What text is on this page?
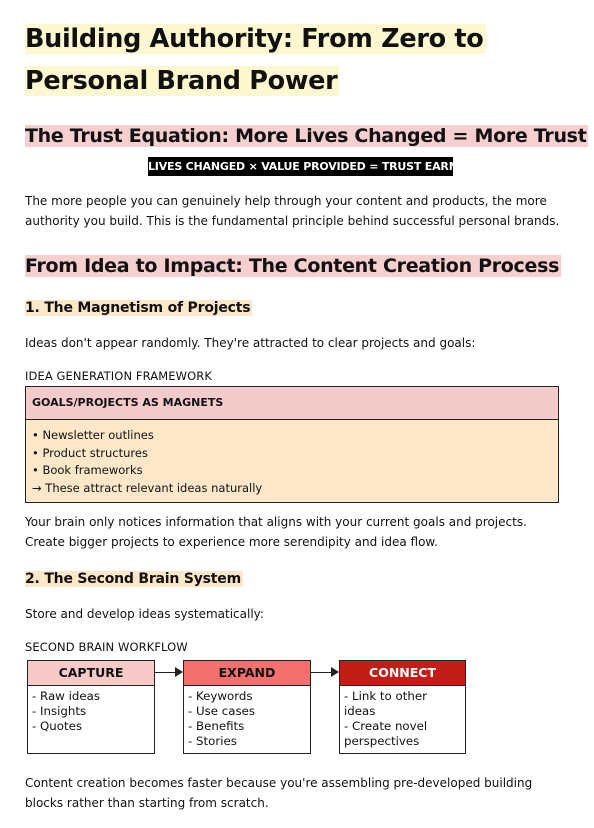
Building Authority: From Zero to Personal Brand Power
The Trust Equation: More Lives Changed = More Trust
LIVES CHANGED × VALUE PROVIDED = TRUST EARNED
The more people you can genuinely help through your content and products, the more authority you build. This is the fundamental principle behind successful personal brands.
From Idea to Impact: The Content Creation Process
1. The Magnetism of Projects
Ideas don't appear randomly. They're attracted to clear projects and goals:
IDEA GENERATION FRAMEWORK
GOALS/PROJECTS AS MAGNETS
• Newsletter outlines
• Product structures
• Book frameworks
→ These attract relevant ideas naturally
Your brain only notices information that aligns with your current goals and projects. Create bigger projects to experience more serendipity and idea flow.
2. The Second Brain System
Store and develop ideas systematically:
SECOND BRAIN WORKFLOW
CAPTURE
- Raw ideas
- Insights
- Quotes
EXPAND
- Keywords
- Use cases
- Benefits
- Stories
CONNECT
- Link to other
ideas
- Create novel
perspectives
Content creation becomes faster because you're assembling pre-developed building blocks rather than starting from scratch.
